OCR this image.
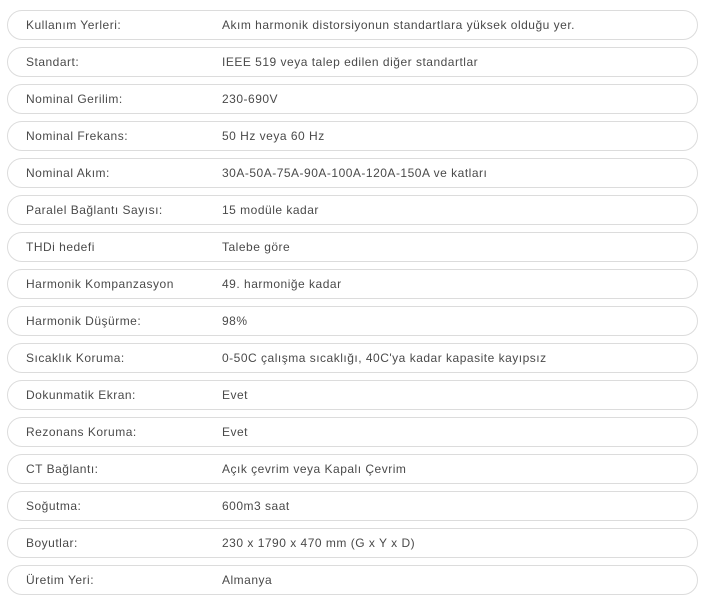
Kullanım Yerleri:	Akım harmonik distorsiyonun standartlara yüksek olduğu yer.
Standart:	IEEE 519 veya talep edilen diğer standartlar
Nominal Gerilim:	230-690V
Nominal Frekans:	50 Hz veya 60 Hz
Nominal Akım:	30A-50A-75A-90A-100A-120A-150A ve katları
Paralel Bağlantı Sayısı:	15 modüle kadar
THDi hedefi	Talebe göre
Harmonik Kompanzasyon	49. harmoniğe kadar
Harmonik Düşürme:	98%
Sıcaklık Koruma:	0-50C çalışma sıcaklığı, 40C'ya kadar kapasite kayıpsız
Dokunmatik Ekran:	Evet
Rezonans Koruma:	Evet
CT Bağlantı:	Açık çevrim veya Kapalı Çevrim
Soğutma:	600m3 saat
Boyutlar:	230 x 1790 x 470 mm (G x Y x D)
Üretim Yeri:	Almanya
